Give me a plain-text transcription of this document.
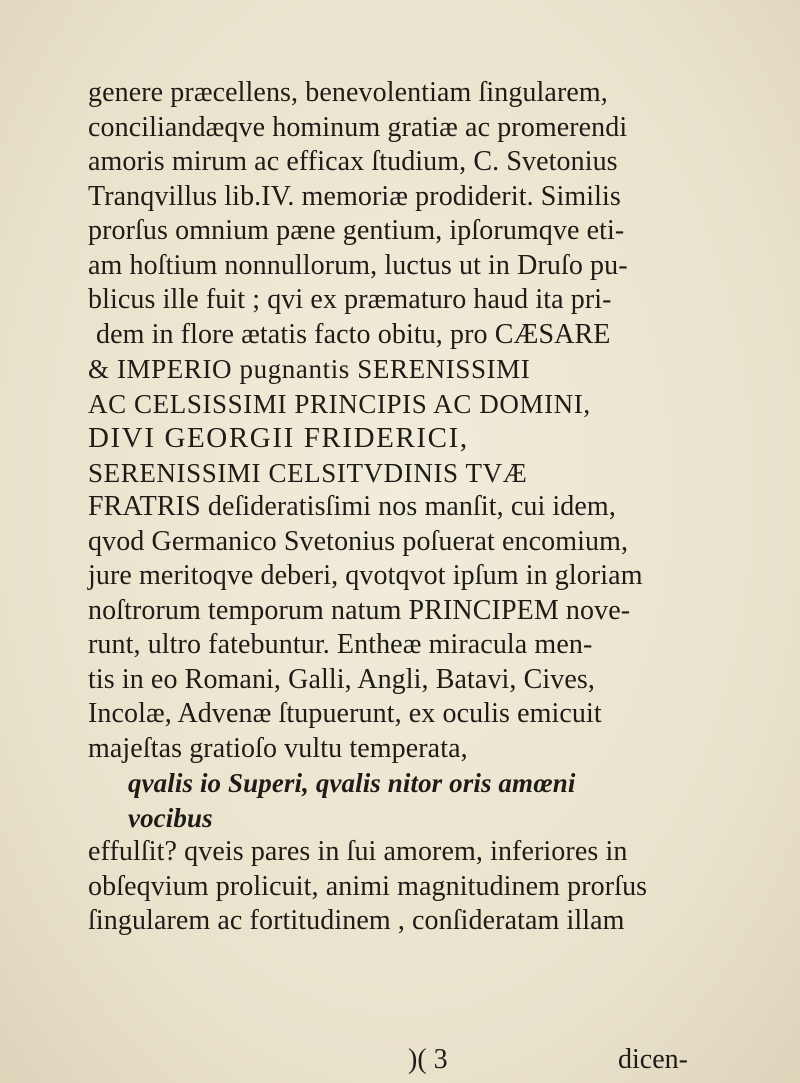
genere præcellens, benevolentiam ſingularem,
conciliandæqve hominum gratiæ ac promerendi
amoris mirum ac efficax ſtudium, C. Svetonius
Tranqvillus lib.IV. memoriæ prodiderit. Similis
prorſus omnium pæne gentium, ipſorumqve eti-
am hoſtium nonnullorum, luctus ut in Druſo pu-
blicus ille fuit ; qvi ex præmaturo haud ita pri-
dem in flore ætatis facto obitu, pro CÆSARE
& IMPERIO pugnantis SERENISSIMI
AC CELSISSIMI PRINCIPIS AC DOMINI,
DIVI GEORGII FRIDERICI,
SERENISSIMI CELSITVDINIS TVÆ
FRATRIS deſideratisſimi nos manſit, cui idem,
qvod Germanico Svetonius poſuerat encomium,
jure meritoqve deberi, qvotqvot ipſum in gloriam
noſtrorum temporum natum PRINCIPEM nove-
runt, ultro fatebuntur. Entheæ miracula men-
tis in eo Romani, Galli, Angli, Batavi, Cives,
Incolæ, Advenæ ſtupuerunt, ex oculis emicuit
majeſtas gratioſo vultu temperata,
qvalis io Superi, qvalis nitor oris amœni
vocibus
effulſit? qveis pares in ſui amorem, inferiores in
obſeqvium prolicuit, animi magnitudinem prorſus
ſingularem ac fortitudinem , conſideratam illam
)( 3	dicen-
